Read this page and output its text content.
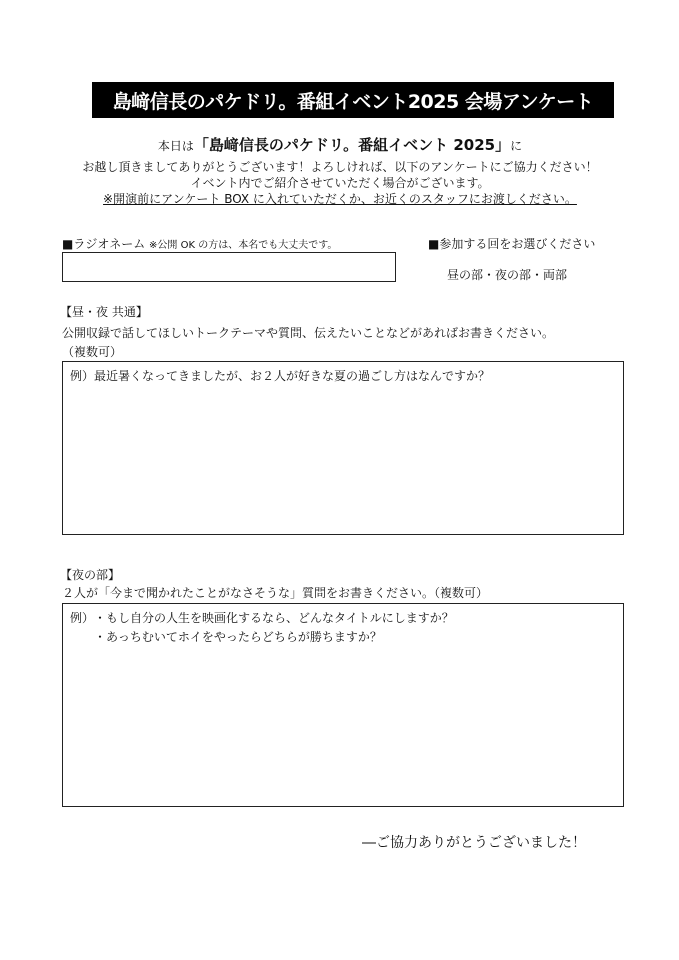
島﨑信長のパケドリ。番組イベント2025 会場アンケート
本日は「島﨑信長のパケドリ。番組イベント 2025」に
お越し頂きましてありがとうございます！よろしければ、以下のアンケートにご協力ください！
イベント内でご紹介させていただく場合がございます。
※開演前にアンケート BOX に入れていただくか、お近くのスタッフにお渡しください。
■ラジオネーム ※公開 OK の方は、本名でも大丈夫です。	■参加する回をお選びください
昼の部・夜の部・両部
【昼・夜 共通】
公開収録で話してほしいトークテーマや質問、伝えたいことなどがあればお書きください。
（複数可）
例）最近暑くなってきましたが、お２人が好きな夏の過ごし方はなんですか？
【夜の部】
２人が「今まで聞かれたことがなさそうな」質問をお書きください。（複数可）
例） ・もし自分の人生を映画化するなら、どんなタイトルにしますか？
・あっちむいてホイをやったらどちらが勝ちますか？
―ご協力ありがとうございました！
